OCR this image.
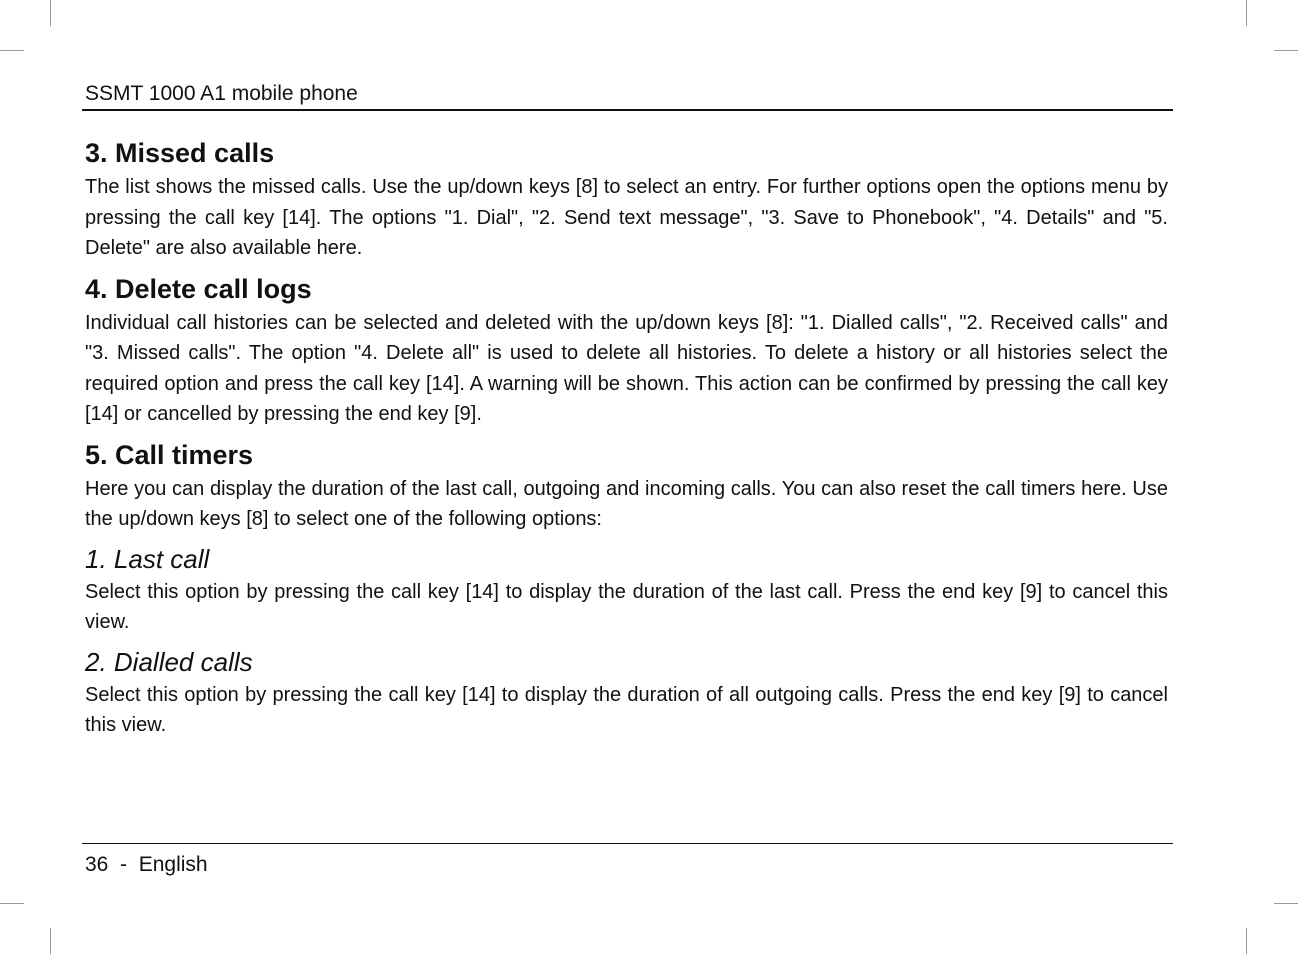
SSMT 1000 A1 mobile phone
3. Missed calls

The list shows the missed calls. Use the up/down keys [8] to select an entry. For further options open the options menu by pressing the call key [14]. The options "1. Dial", "2. Send text message", "3. Save to Phonebook", "4. Details" and "5. Delete" are also available here.

4. Delete call logs

Individual call histories can be selected and deleted with the up/down keys [8]: "1. Dialled calls", "2. Received calls" and "3. Missed calls". The option "4. Delete all" is used to delete all histories. To delete a history or all histories select the required option and press the call key [14]. A warning will be shown. This action can be confirmed by pressing the call key [14] or cancelled by pressing the end key [9].

5. Call timers

Here you can display the duration of the last call, outgoing and incoming calls. You can also reset the call timers here. Use the up/down keys [8] to select one of the following options:

1. Last call

Select this option by pressing the call key [14] to display the duration of the last call. Press the end key [9] to cancel this view.

2. Dialled calls

Select this option by pressing the call key [14] to display the duration of all outgoing calls. Press the end key [9] to cancel this view.

36 - English
